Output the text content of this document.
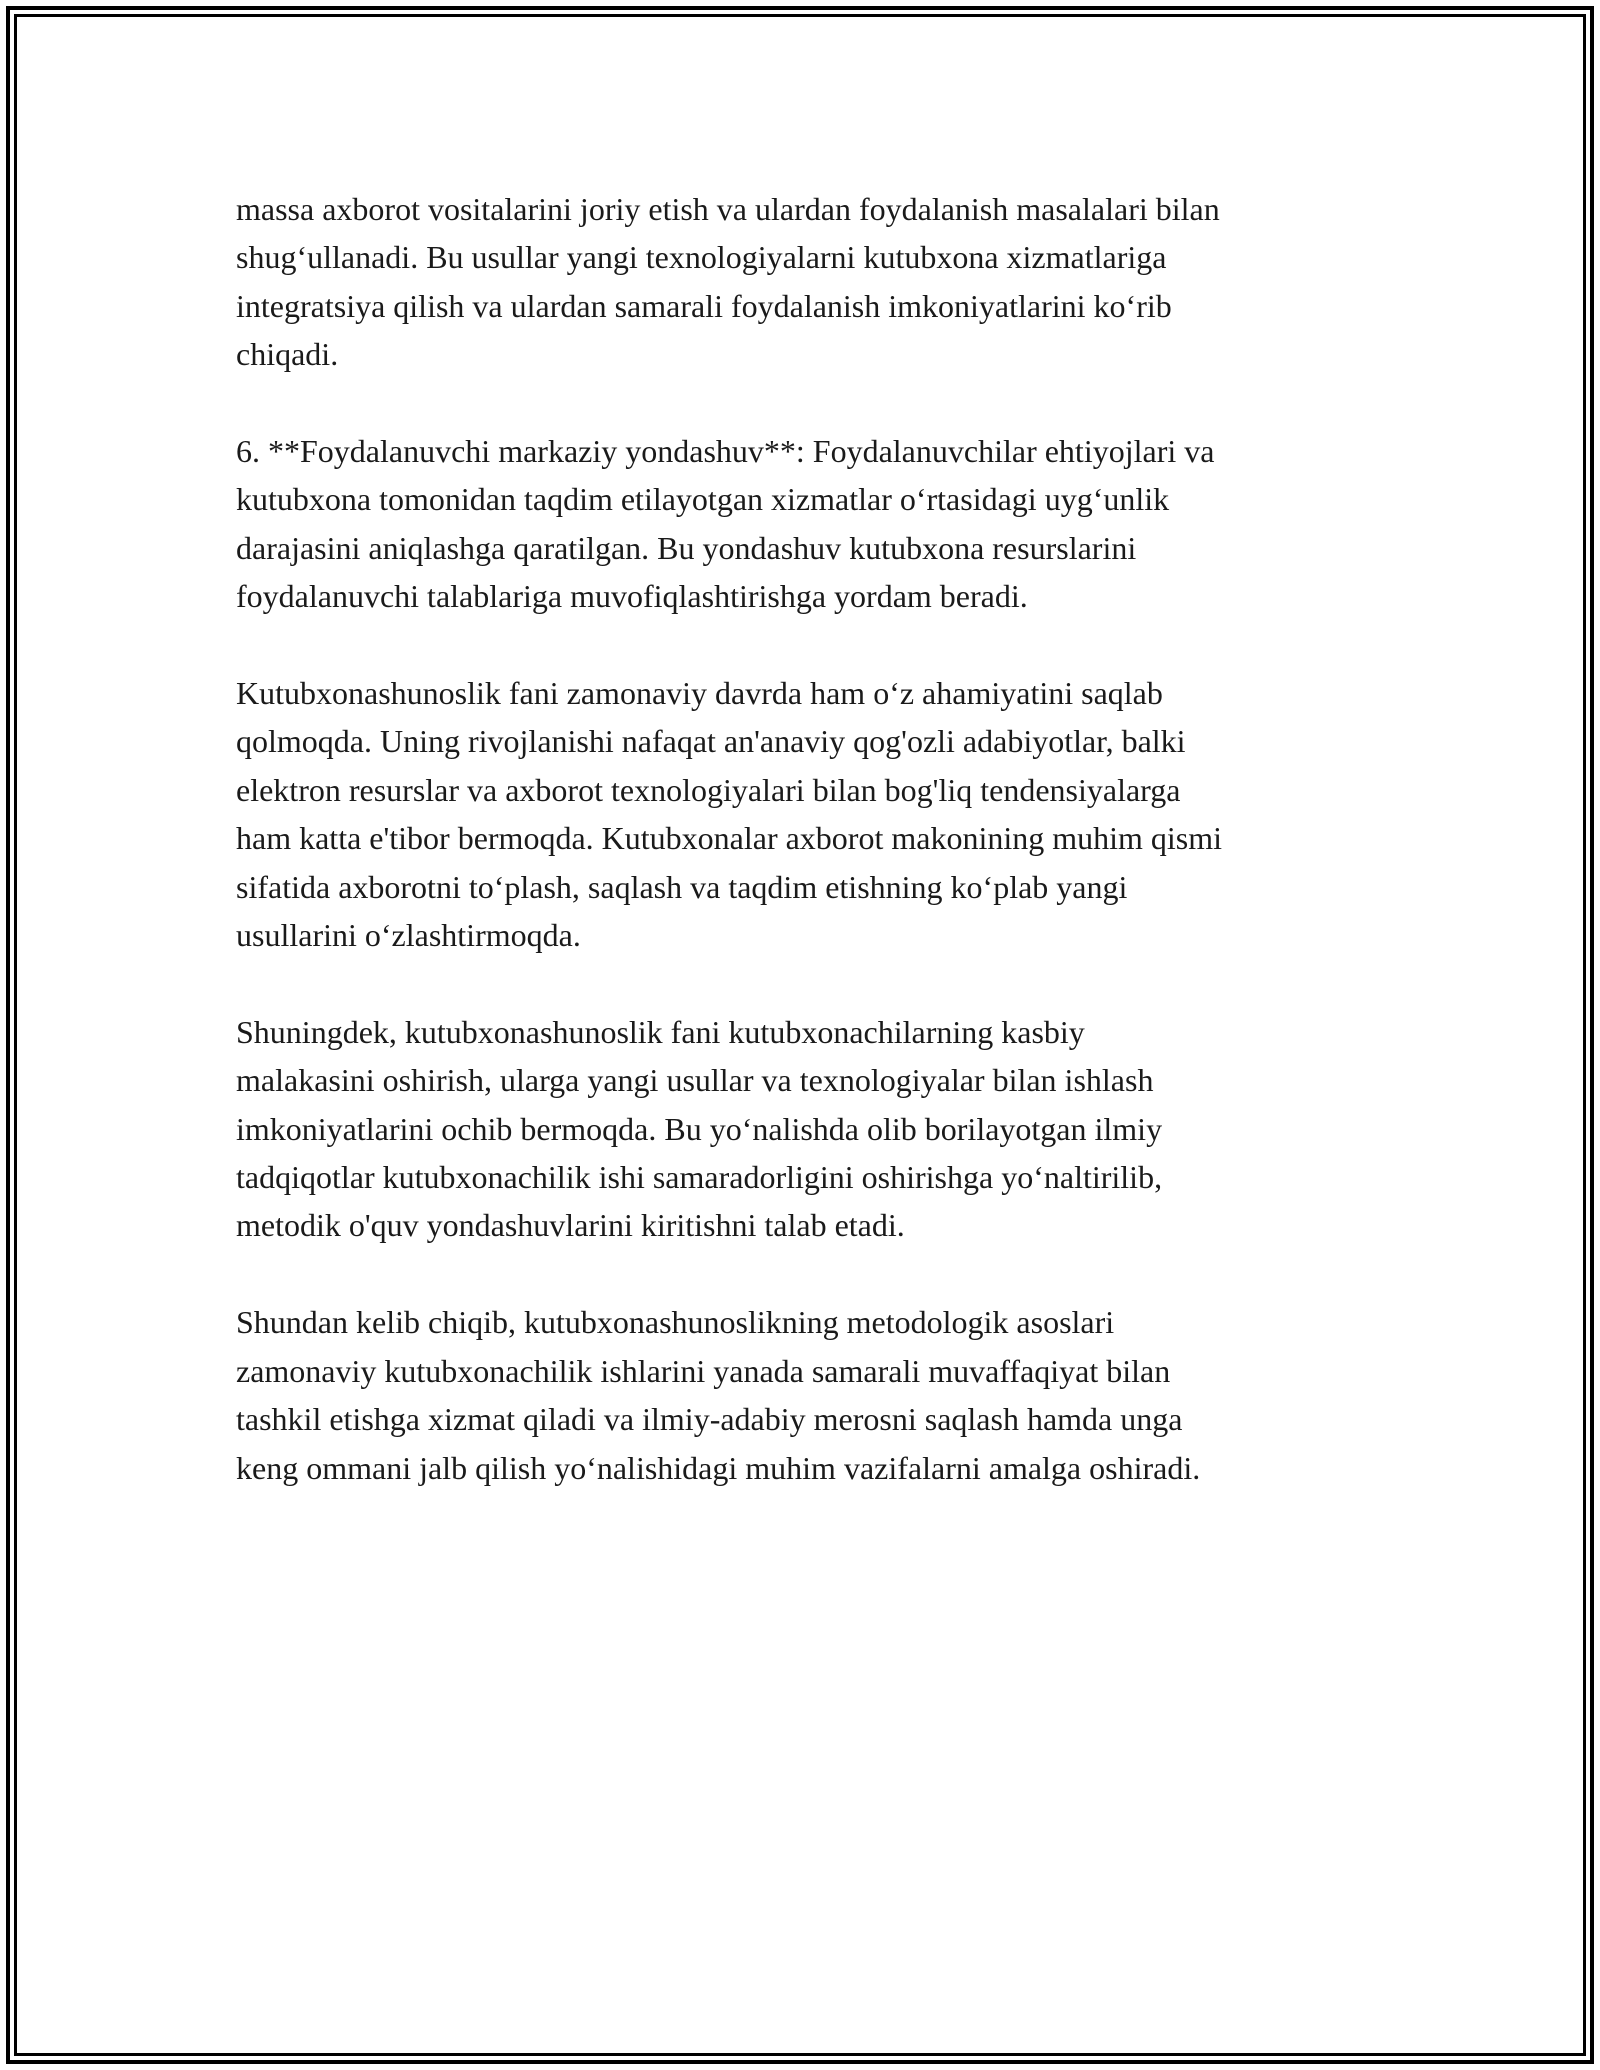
massa axborot vositalarini joriy etish va ulardan foydalanish masalalari bilan
shug‘ullanadi. Bu usullar yangi texnologiyalarni kutubxona xizmatlariga
integratsiya qilish va ulardan samarali foydalanish imkoniyatlarini ko‘rib
chiqadi.

6. **Foydalanuvchi markaziy yondashuv**: Foydalanuvchilar ehtiyojlari va
kutubxona tomonidan taqdim etilayotgan xizmatlar o‘rtasidagi uyg‘unlik
darajasini aniqlashga qaratilgan. Bu yondashuv kutubxona resurslarini
foydalanuvchi talablariga muvofiqlashtirishga yordam beradi.

Kutubxonashunoslik fani zamonaviy davrda ham o‘z ahamiyatini saqlab
qolmoqda. Uning rivojlanishi nafaqat an'anaviy qog'ozli adabiyotlar, balki
elektron resurslar va axborot texnologiyalari bilan bog'liq tendensiyalarga
ham katta e'tibor bermoqda. Kutubxonalar axborot makonining muhim qismi
sifatida axborotni to‘plash, saqlash va taqdim etishning ko‘plab yangi
usullarini o‘zlashtirmoqda.

Shuningdek, kutubxonashunoslik fani kutubxonachilarning kasbiy
malakasini oshirish, ularga yangi usullar va texnologiyalar bilan ishlash
imkoniyatlarini ochib bermoqda. Bu yo‘nalishda olib borilayotgan ilmiy
tadqiqotlar kutubxonachilik ishi samaradorligini oshirishga yo‘naltirilib,
metodik o'quv yondashuvlarini kiritishni talab etadi.

Shundan kelib chiqib, kutubxonashunoslikning metodologik asoslari
zamonaviy kutubxonachilik ishlarini yanada samarali muvaffaqiyat bilan
tashkil etishga xizmat qiladi va ilmiy-adabiy merosni saqlash hamda unga
keng ommani jalb qilish yo‘nalishidagi muhim vazifalarni amalga oshiradi.
